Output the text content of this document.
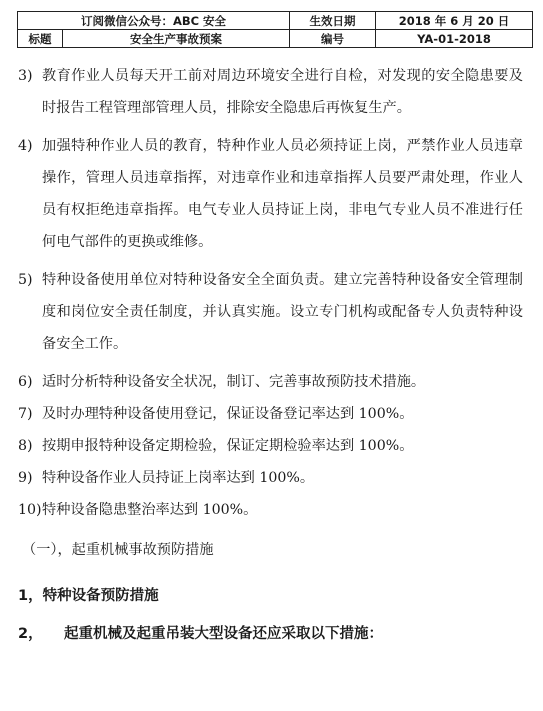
订阅微信公众号：ABC 安全		生效日期	2018 年 6 月 20 日
标题	安全生产事故预案	编号	YA-01-2018
3) 教育作业人员每天开工前对周边环境安全进行自检，对发现的安全隐患要及时报告工程管理部管理人员，排除安全隐患后再恢复生产。
4) 加强特种作业人员的教育，特种作业人员必须持证上岗，严禁作业人员违章操作，管理人员违章指挥，对违章作业和违章指挥人员要严肃处理，作业人员有权拒绝违章指挥。电气专业人员持证上岗，非电气专业人员不准进行任何电气部件的更换或维修。
5) 特种设备使用单位对特种设备安全全面负责。建立完善特种设备安全管理制度和岗位安全责任制度，并认真实施。设立专门机构或配备专人负责特种设备安全工作。
6) 适时分析特种设备安全状况，制订、完善事故预防技术措施。
7) 及时办理特种设备使用登记，保证设备登记率达到 100%。
8) 按期申报特种设备定期检验，保证定期检验率达到 100%。
9) 特种设备作业人员持证上岗率达到 100%。
10) 特种设备隐患整治率达到 100%。
（一），起重机械事故预防措施
1，特种设备预防措施
2， 起重机械及起重吊装大型设备还应采取以下措施：
